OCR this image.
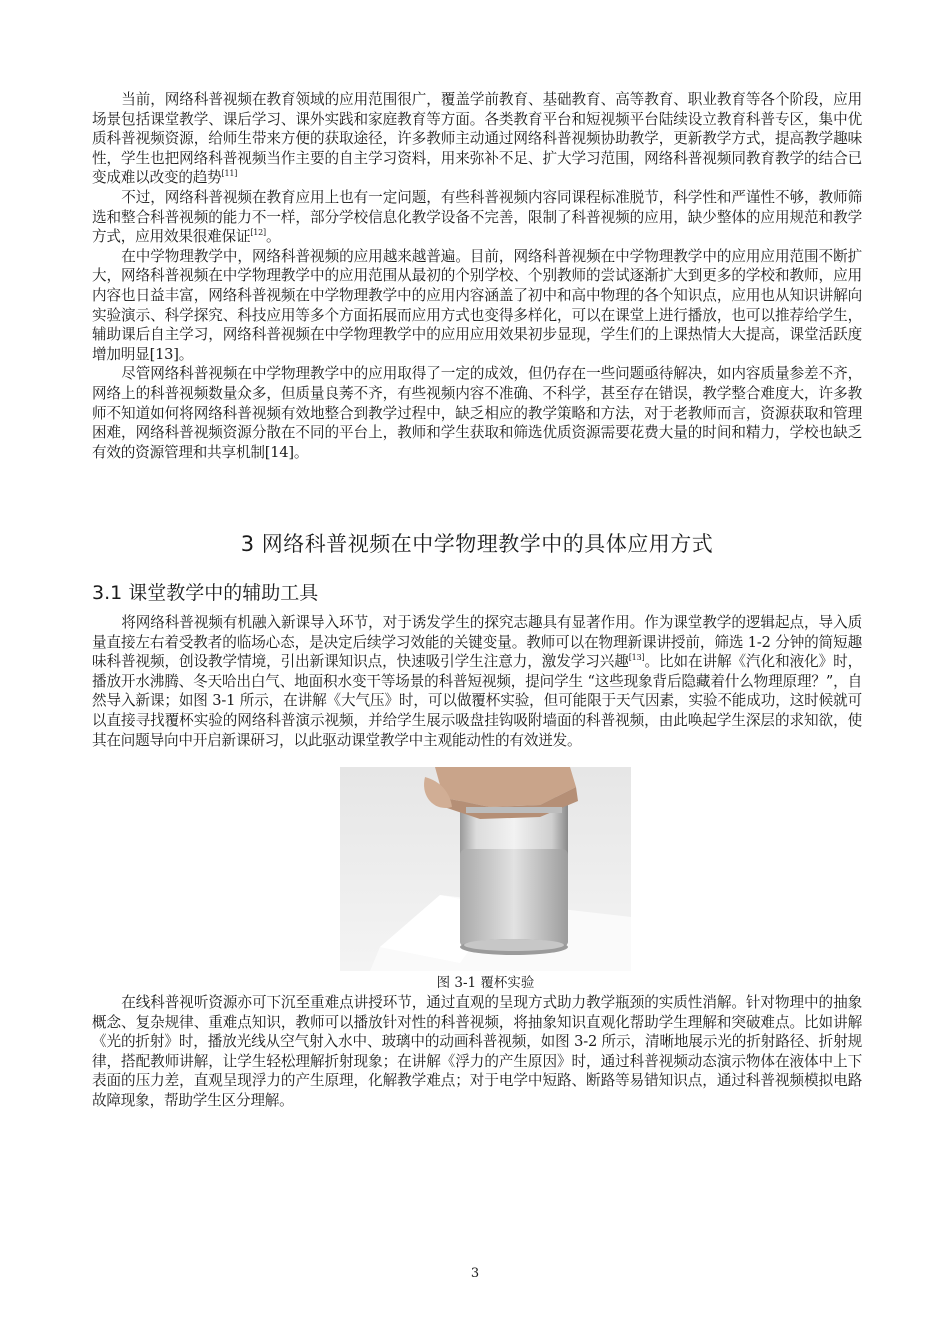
当前，网络科普视频在教育领域的应用范围很广，覆盖学前教育、基础教育、高等教育、职业教育等各个阶段，应用场景包括课堂教学、课后学习、课外实践和家庭教育等方面。各类教育平台和短视频平台陆续设立教育科普专区，集中优质科普视频资源，给师生带来方便的获取途径，许多教师主动通过网络科普视频协助教学，更新教学方式，提高教学趣味性，学生也把网络科普视频当作主要的自主学习资料，用来弥补不足、扩大学习范围，网络科普视频同教育教学的结合已变成难以改变的趋势[11]

不过，网络科普视频在教育应用上也有一定问题，有些科普视频内容同课程标准脱节，科学性和严谨性不够，教师筛选和整合科普视频的能力不一样，部分学校信息化教学设备不完善，限制了科普视频的应用，缺少整体的应用规范和教学方式，应用效果很难保证[12]。

在中学物理教学中，网络科普视频的应用越来越普遍。目前，网络科普视频在中学物理教学中的应用应用范围不断扩大，网络科普视频在中学物理教学中的应用范围从最初的个别学校、个别教师的尝试逐渐扩大到更多的学校和教师，应用内容也日益丰富，网络科普视频在中学物理教学中的应用内容涵盖了初中和高中物理的各个知识点，应用也从知识讲解向实验演示、科学探究、科技应用等多个方面拓展而应用方式也变得多样化，可以在课堂上进行播放，也可以推荐给学生，辅助课后自主学习，网络科普视频在中学物理教学中的应用应用效果初步显现，学生们的上课热情大大提高，课堂活跃度增加明显[13]。

尽管网络科普视频在中学物理教学中的应用取得了一定的成效，但仍存在一些问题亟待解决，如内容质量参差不齐，网络上的科普视频数量众多，但质量良莠不齐，有些视频内容不准确、不科学，甚至存在错误，教学整合难度大，许多教师不知道如何将网络科普视频有效地整合到教学过程中，缺乏相应的教学策略和方法，对于老教师而言，资源获取和管理困难，网络科普视频资源分散在不同的平台上，教师和学生获取和筛选优质资源需要花费大量的时间和精力，学校也缺乏有效的资源管理和共享机制[14]。

3 网络科普视频在中学物理教学中的具体应用方式
3.1 课堂教学中的辅助工具

将网络科普视频有机融入新课导入环节，对于诱发学生的探究志趣具有显著作用。作为课堂教学的逻辑起点，导入质量直接左右着受教者的临场心态，是决定后续学习效能的关键变量。教师可以在物理新课讲授前，筛选 1-2 分钟的简短趣味科普视频，创设教学情境，引出新课知识点，快速吸引学生注意力，激发学习兴趣[13]。比如在讲解《汽化和液化》时，播放开水沸腾、冬天哈出白气、地面积水变干等场景的科普短视频，提问学生 “这些现象背后隐藏着什么物理原理？”，自然导入新课；如图 3-1 所示，在讲解《大气压》时，可以做覆杯实验，但可能限于天气因素，实验不能成功，这时候就可以直接寻找覆杯实验的网络科普演示视频，并给学生展示吸盘挂钩吸附墙面的科普视频，由此唤起学生深层的求知欲，使其在问题导向中开启新课研习，以此驱动课堂教学中主观能动性的有效迸发。

图 3-1 覆杯实验

在线科普视听资源亦可下沉至重难点讲授环节，通过直观的呈现方式助力教学瓶颈的实质性消解。针对物理中的抽象概念、复杂规律、重难点知识，教师可以播放针对性的科普视频，将抽象知识直观化帮助学生理解和突破难点。比如讲解《光的折射》时，播放光线从空气射入水中、玻璃中的动画科普视频，如图 3-2 所示，清晰地展示光的折射路径、折射规律，搭配教师讲解，让学生轻松理解折射现象；在讲解《浮力的产生原因》时，通过科普视频动态演示物体在液体中上下表面的压力差，直观呈现浮力的产生原理，化解教学难点；对于电学中短路、断路等易错知识点，通过科普视频模拟电路故障现象，帮助学生区分理解。

3
